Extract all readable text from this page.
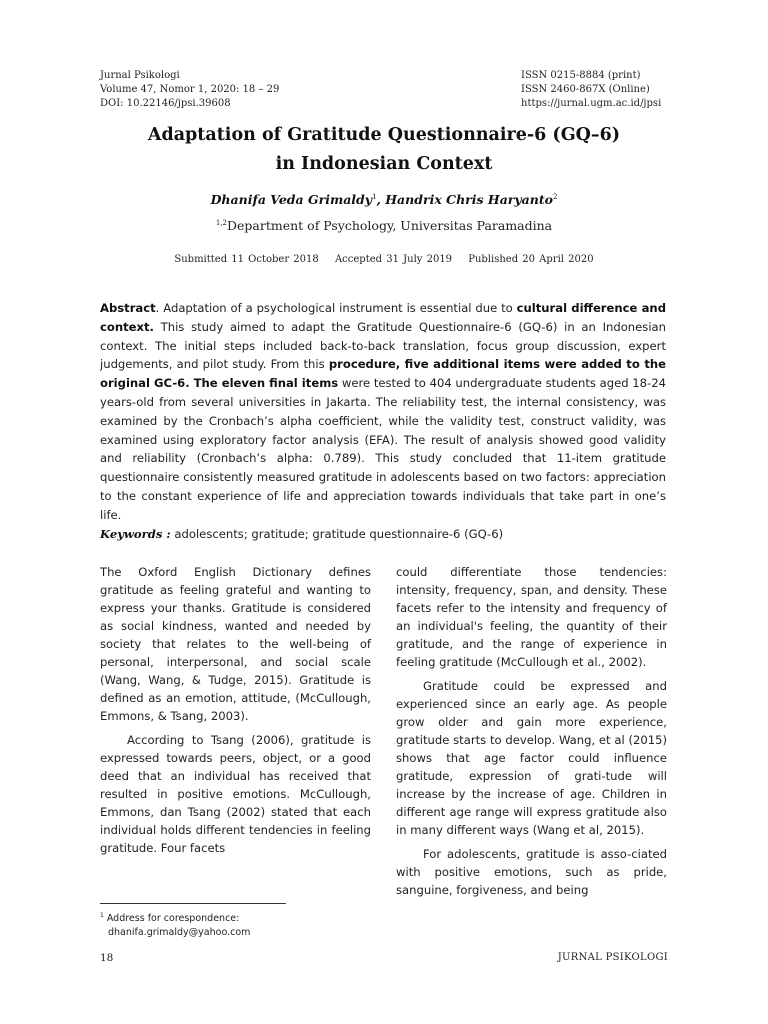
Jurnal Psikologi
Volume 47, Nomor 1, 2020: 18 – 29
DOI: 10.22146/jpsi.39608
ISSN 0215-8884 (print)
ISSN 2460-867X (Online)
https://jurnal.ugm.ac.id/jpsi
Adaptation of Gratitude Questionnaire-6 (GQ–6)
in Indonesian Context
Dhanifa Veda Grimaldy$^1$, Handrix Chris Haryanto$^2$
$^{1,2}$Department of Psychology, Universitas Paramadina
Submitted 11 October 2018 Accepted 31 July 2019 Published 20 April 2020
Abstract. Adaptation of a psychological instrument is essential due to cultural difference and context. This study aimed to adapt the Gratitude Questionnaire-6 (GQ-6) in an Indonesian context. The initial steps included back-to-back translation, focus group discussion, expert judgements, and pilot study. From this procedure, five additional items were added to the original GC-6. The eleven final items were tested to 404 undergraduate students aged 18-24 years-old from several universities in Jakarta. The reliability test, the internal consistency, was examined by the Cronbach’s alpha coefficient, while the validity test, construct validity, was examined using exploratory factor analysis (EFA). The result of analysis showed good validity and reliability (Cronbach’s alpha: 0.789). This study concluded that 11-item gratitude questionnaire consistently measured gratitude in adolescents based on two factors: appreciation to the constant experience of life and appreciation towards individuals that take part in one’s life.
Keywords : adolescents; gratitude; gratitude questionnaire-6 (GQ-6)

The Oxford English Dictionary defines gratitude as feeling grateful and wanting to express your thanks. Gratitude is considered as social kindness, wanted and needed by society that relates to the well-being of personal, interpersonal, and social scale (Wang, Wang, & Tudge, 2015). Gratitude is defined as an emotion, attitude, (McCullough, Emmons, & Tsang, 2003).

According to Tsang (2006), gratitude is expressed towards peers, object, or a good deed that an individual has received that resulted in positive emotions. McCullough, Emmons, dan Tsang (2002) stated that each individual holds different tendencies in feeling gratitude. Four facets

could differentiate those tendencies: intensity, frequency, span, and density. These facets refer to the intensity and frequency of an individual's feeling, the quantity of their gratitude, and the range of experience in feeling gratitude (McCullough et al., 2002).

Gratitude could be expressed and experienced since an early age. As people grow older and gain more experience, gratitude starts to develop. Wang, et al (2015) shows that age factor could influence gratitude, expression of grati-tude will increase by the increase of age. Children in different age range will express gratitude also in many different ways (Wang et al, 2015).

For adolescents, gratitude is asso-ciated with positive emotions, such as pride, sanguine, forgiveness, and being

$^1$ Address for corespondence:
dhanifa.grimaldy@yahoo.com
18	JURNAL PSIKOLOGI
